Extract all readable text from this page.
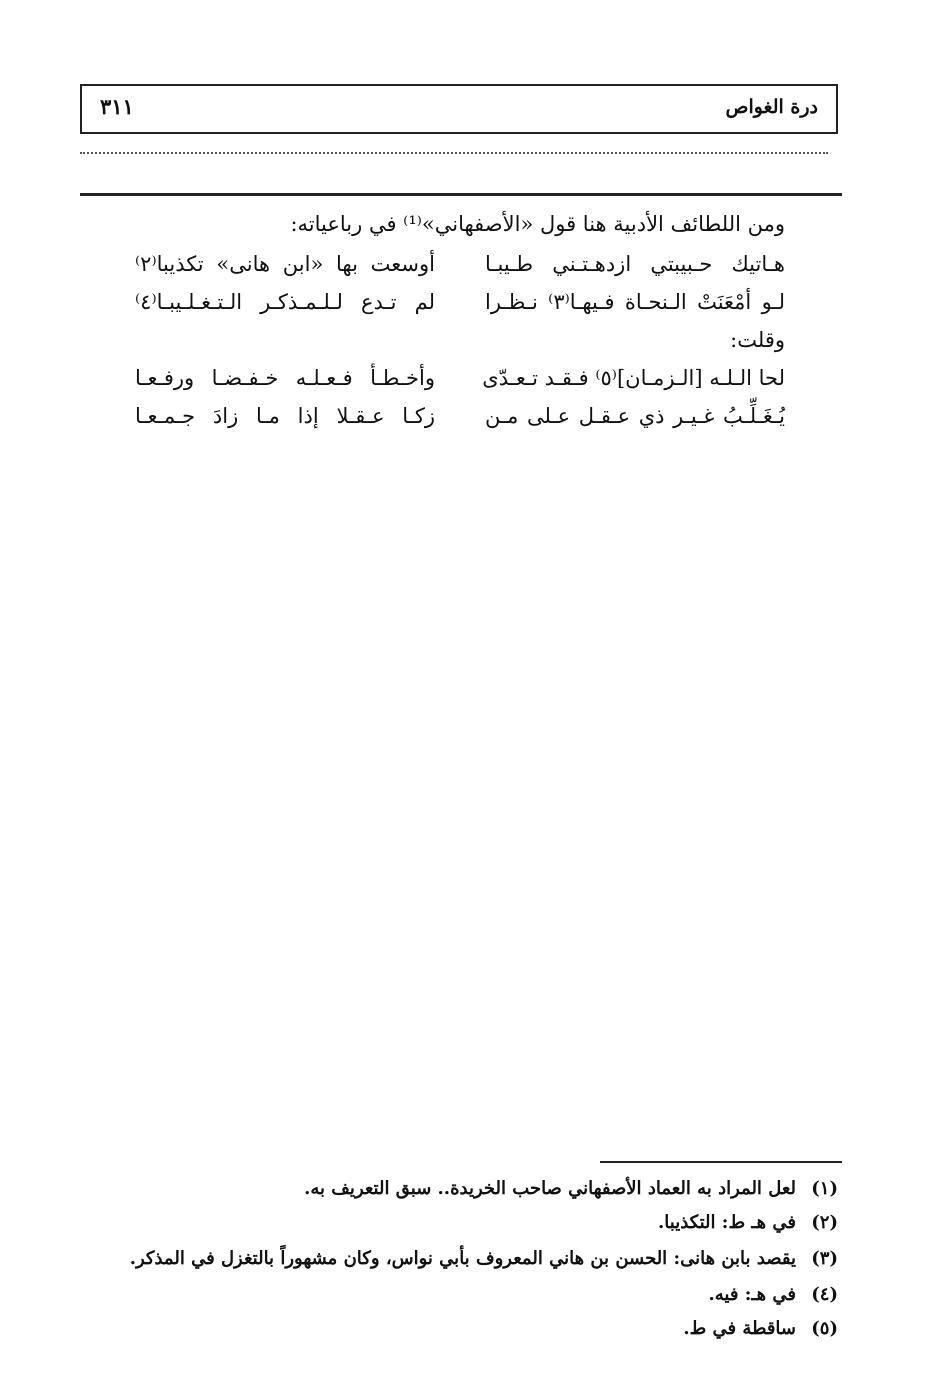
درة الغواص
٣١١
ومن اللطائف الأدبية هنا قول «الأصفهاني»⁽¹⁾ في رباعياته:
هـاتيك حـبيبتي ازدهـتـني طـيبـا
أوسعت بها «ابن هانى» تكذيبا⁽٢⁾
لـو أمْعَنَتْ الـنحـاة فـيهـا⁽٣⁾ نـظـرا
لم تـدع لـلـمـذكـر الـتـغـلـيبـا⁽٤⁾
وقلت:
لحا الـلـه [الـزمـان]⁽٥⁾ فـقـد تـعـدّى
وأخـطـأ فـعـلـه خـفـضـا ورفـعـا
يُـغَـلِّـبُ غـيـر ذي عـقـل عـلى مـن
زكـا عـقـلا إذا مـا زادَ جـمـعـا
(١)لعل المراد به العماد الأصفهاني صاحب الخريدة.. سبق التعريف به.
(٢)في هـ ط: التكذيبا.
(٣)يقصد بابن هانى: الحسن بن هاني المعروف بأبي نواس، وكان مشهوراً بالتغزل في المذكر.
(٤)في هـ: فيه.
(٥)ساقطة في ط.
